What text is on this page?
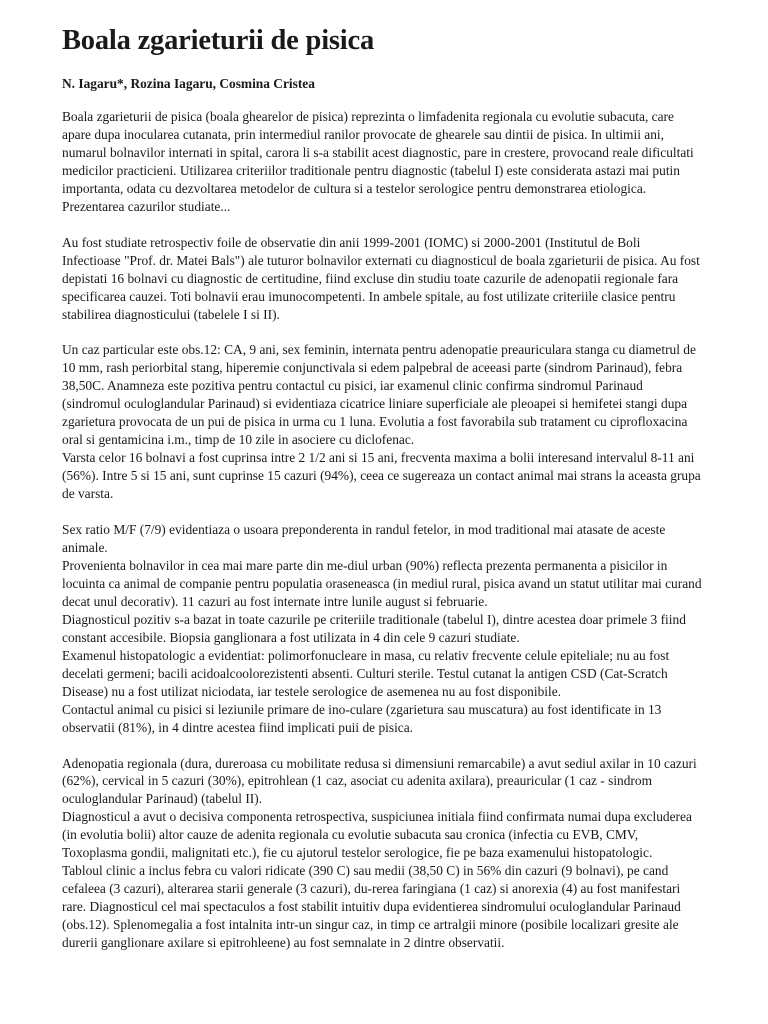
Boala zgarieturii de pisica

N. Iagaru*, Rozina Iagaru, Cosmina Cristea

Boala zgarieturii de pisica (boala ghearelor de pisica) reprezinta o limfadenita regionala cu evolutie subacuta, care apare dupa inocularea cutanata, prin intermediul ranilor provocate de ghearele sau dintii de pisica. In ultimii ani, numarul bolnavilor internati in spital, carora li s-a stabilit acest diagnostic, pare in crestere, provocand reale dificultati medicilor practicieni. Utilizarea criteriilor traditionale pentru diagnostic (tabelul I) este considerata astazi mai putin importanta, odata cu dezvoltarea metodelor de cultura si a testelor serologice pentru demonstrarea etiologica. Prezentarea cazurilor studiate...

Au fost studiate retrospectiv foile de observatie din anii 1999-2001 (IOMC) si 2000-2001 (Institutul de Boli Infectioase "Prof. dr. Matei Bals") ale tuturor bolnavilor externati cu diagnosticul de boala zgarieturii de pisica. Au fost depistati 16 bolnavi cu diagnostic de certitudine, fiind excluse din studiu toate cazurile de adenopatii regionale fara specificarea cauzei. Toti bolnavii erau imunocompetenti. In ambele spitale, au fost utilizate criteriile clasice pentru stabilirea diagnosticului (tabelele I si II).

Un caz particular este obs.12: CA, 9 ani, sex feminin, internata pentru adenopatie preauriculara stanga cu diametrul de 10 mm, rash periorbital stang, hiperemie conjunctivala si edem palpebral de aceeasi parte (sindrom Parinaud), febra 38,50C. Anamneza este pozitiva pentru contactul cu pisici, iar examenul clinic confirma sindromul Parinaud (sindromul oculoglandular Parinaud) si evidentiaza cicatrice liniare superficiale ale pleoapei si hemifetei stangi dupa zgarietura provocata de un pui de pisica in urma cu 1 luna. Evolutia a fost favorabila sub tratament cu ciprofloxacina oral si gentamicina i.m., timp de 10 zile in asociere cu diclofenac.

Varsta celor 16 bolnavi a fost cuprinsa intre 2 1/2 ani si 15 ani, frecventa maxima a bolii interesand intervalul 8-11 ani (56%). Intre 5 si 15 ani, sunt cuprinse 15 cazuri (94%), ceea ce sugereaza un contact animal mai strans la aceasta grupa de varsta.

Sex ratio M/F (7/9) evidentiaza o usoara preponderenta in randul fetelor, in mod traditional mai atasate de aceste animale.

Provenienta bolnavilor in cea mai mare parte din me-diul urban (90%) reflecta prezenta permanenta a pisicilor in locuinta ca animal de companie pentru populatia oraseneasca (in mediul rural, pisica avand un statut utilitar mai curand decat unul decorativ). 11 cazuri au fost internate intre lunile august si februarie.

Diagnosticul pozitiv s-a bazat in toate cazurile pe criteriile traditionale (tabelul I), dintre acestea doar primele 3 fiind constant accesibile. Biopsia ganglionara a fost utilizata in 4 din cele 9 cazuri studiate.

Examenul histopatologic a evidentiat: polimorfonucleare in masa, cu relativ frecvente celule epiteliale; nu au fost decelati germeni; bacili acidoalcoolorezistenti absenti. Culturi sterile. Testul cutanat la antigen CSD (Cat-Scratch Disease) nu a fost utilizat niciodata, iar testele serologice de asemenea nu au fost disponibile.

Contactul animal cu pisici si leziunile primare de ino-culare (zgarietura sau muscatura) au fost identificate in 13 observatii (81%), in 4 dintre acestea fiind implicati puii de pisica.

Adenopatia regionala (dura, dureroasa cu mobilitate redusa si dimensiuni remarcabile) a avut sediul axilar in 10 cazuri (62%), cervical in 5 cazuri (30%), epitrohlean (1 caz, asociat cu adenita axilara), preauricular (1 caz - sindrom oculoglandular Parinaud) (tabelul II).

Diagnosticul a avut o decisiva componenta retrospectiva, suspiciunea initiala fiind confirmata numai dupa excluderea (in evolutia bolii) altor cauze de adenita regionala cu evolutie subacuta sau cronica (infectia cu EVB, CMV, Toxoplasma gondii, malignitati etc.), fie cu ajutorul testelor serologice, fie pe baza examenului histopatologic.

Tabloul clinic a inclus febra cu valori ridicate (390 C) sau medii (38,50 C) in 56% din cazuri (9 bolnavi), pe cand cefaleea (3 cazuri), alterarea starii generale (3 cazuri), du-rerea faringiana (1 caz) si anorexia (4) au fost manifestari rare. Diagnosticul cel mai spectaculos a fost stabilit intuitiv dupa evidentierea sindromului oculoglandular Parinaud (obs.12). Splenomegalia a fost intalnita intr-un singur caz, in timp ce artralgii minore (posibile localizari gresite ale durerii ganglionare axilare si epitrohleene) au fost semnalate in 2 dintre observatii.
